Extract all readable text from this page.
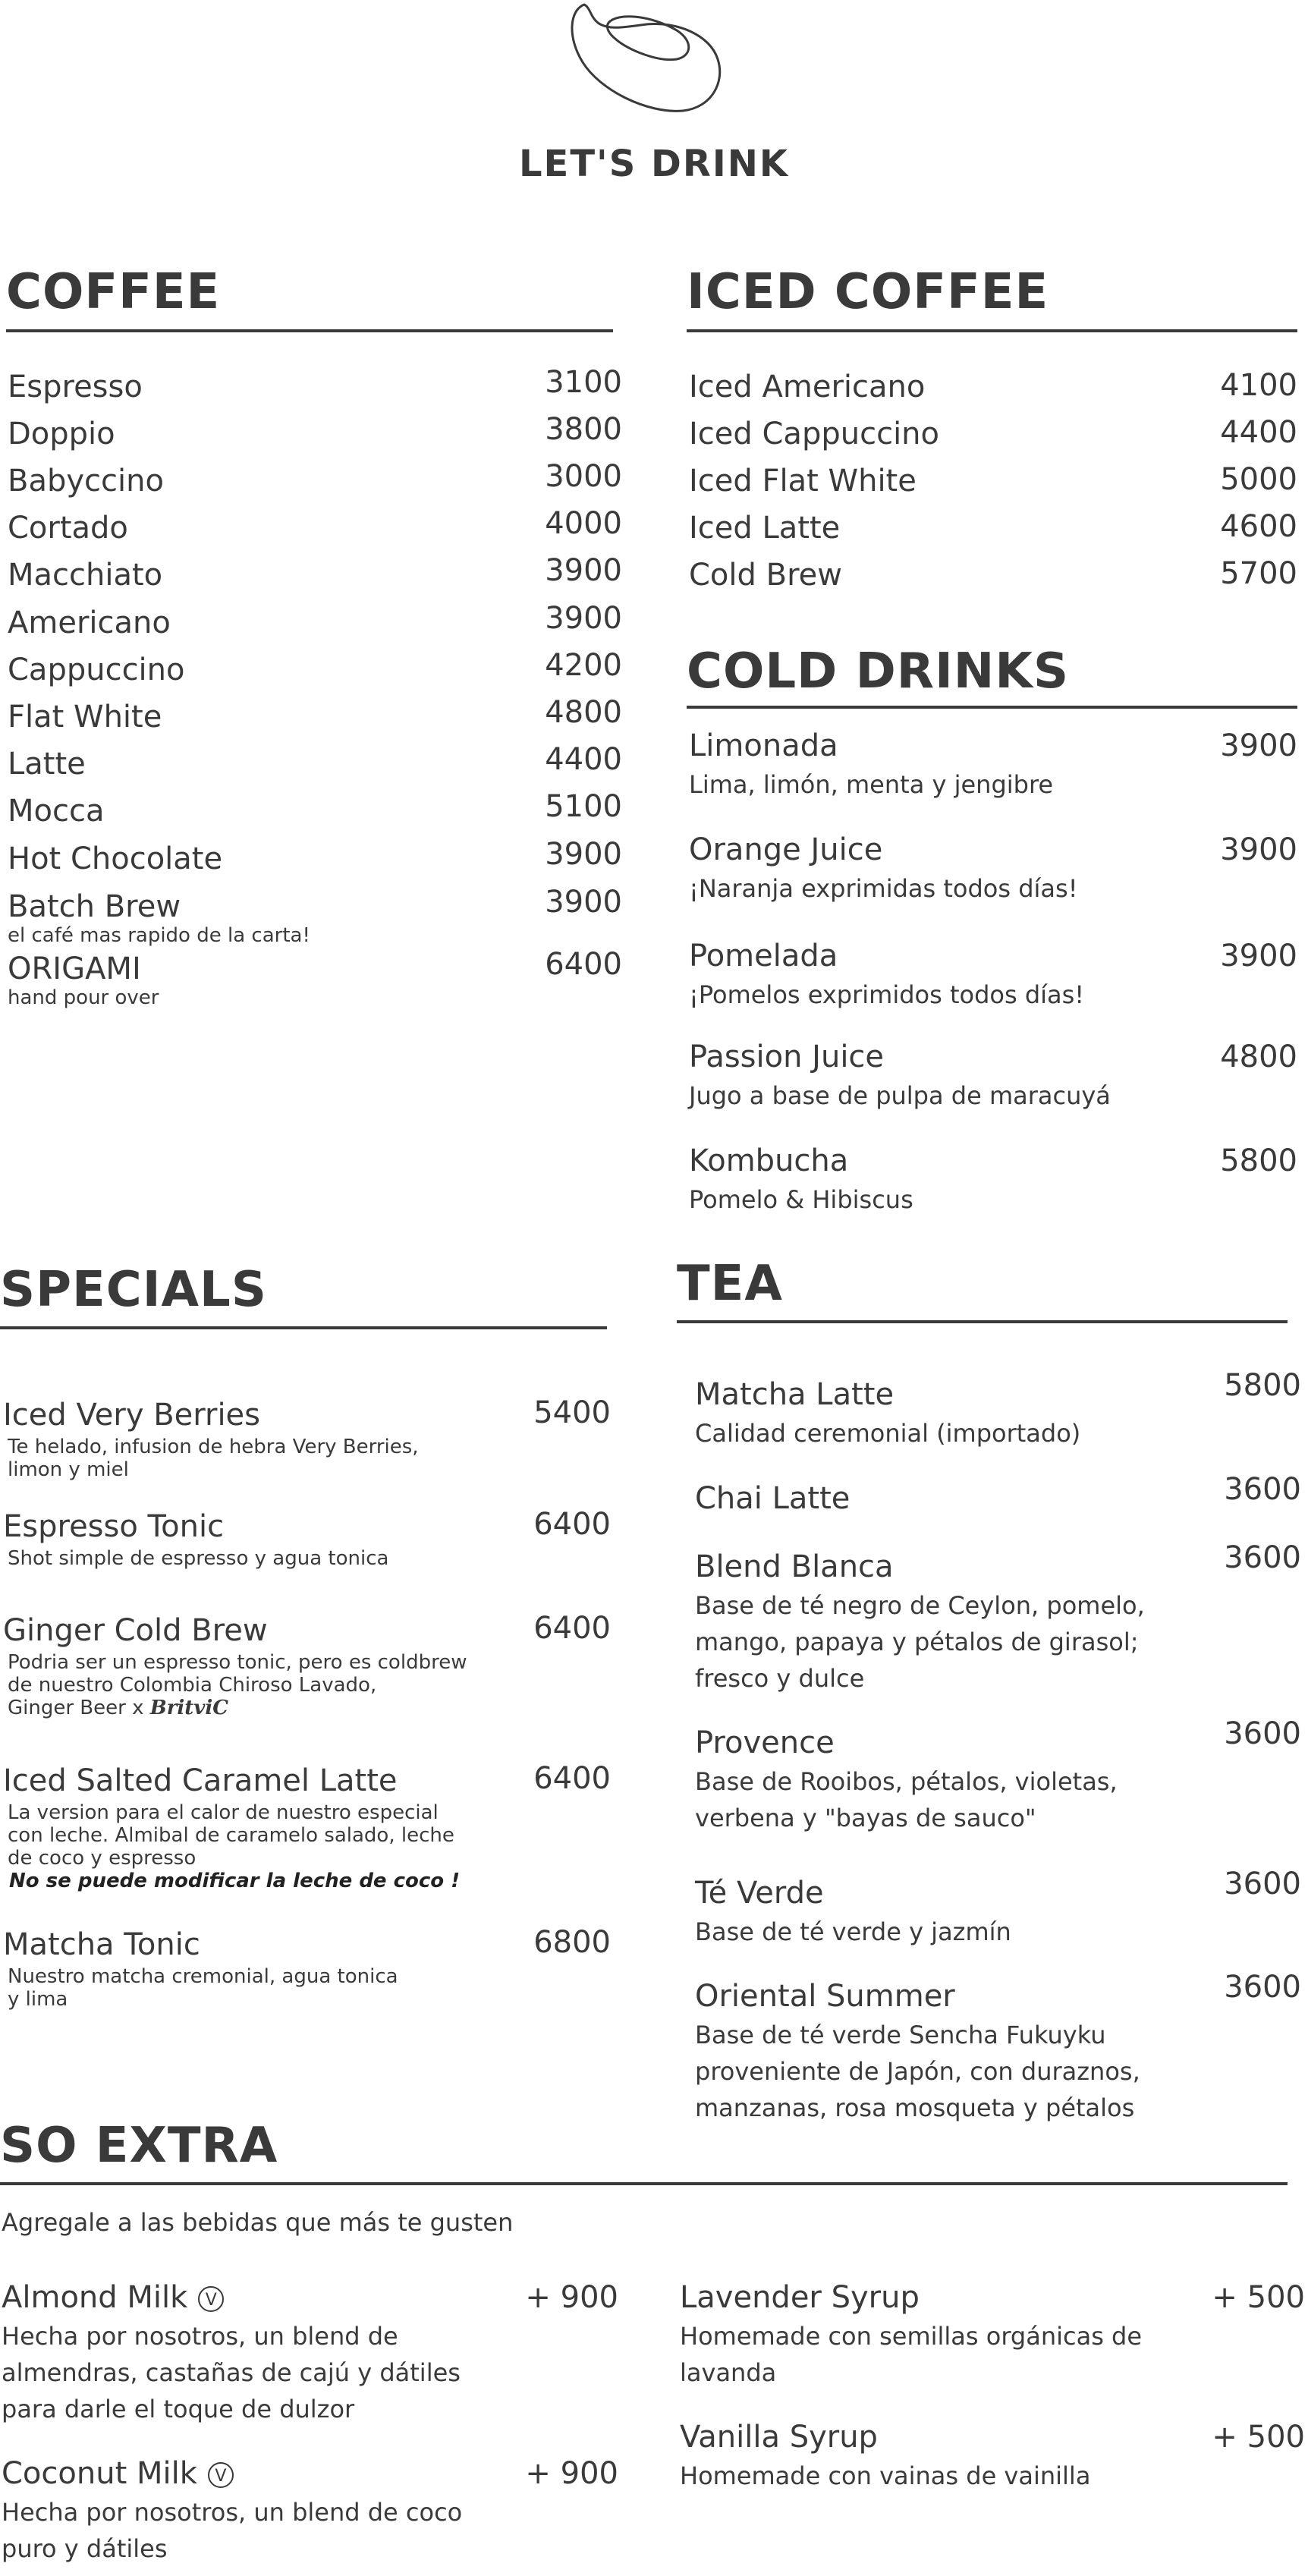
LET'S DRINK
COFFEE
Espresso	3100
Doppio	3800
Babyccino	3000
Cortado	4000
Macchiato	3900
Americano	3900
Cappuccino	4200
Flat White	4800
Latte	4400
Mocca	5100
Hot Chocolate	3900
Batch Brew	3900
el café mas rapido de la carta!
ORIGAMI	6400
hand pour over
ICED COFFEE
Iced Americano	4100
Iced Cappuccino	4400
Iced Flat White	5000
Iced Latte	4600
Cold Brew	5700
COLD DRINKS
Limonada	3900
Lima, limón, menta y jengibre
Orange Juice	3900
¡Naranja exprimidas todos días!
Pomelada	3900
¡Pomelos exprimidos todos días!
Passion Juice	4800
Jugo a base de pulpa de maracuyá
Kombucha	5800
Pomelo & Hibiscus
SPECIALS
Iced Very Berries	5400
Te helado, infusion de hebra Very Berries,
limon y miel
Espresso Tonic	6400
Shot simple de espresso y agua tonica
Ginger Cold Brew	6400
Podria ser un espresso tonic, pero es coldbrew
de nuestro Colombia Chiroso Lavado,
Ginger Beer x BritviC
Iced Salted Caramel Latte	6400
La version para el calor de nuestro especial
con leche. Almibal de caramelo salado, leche
de coco y espresso
No se puede modificar la leche de coco !
Matcha Tonic	6800
Nuestro matcha cremonial, agua tonica
y lima
TEA
Matcha Latte	5800
Calidad ceremonial (importado)
Chai Latte	3600
Blend Blanca	3600
Base de té negro de Ceylon, pomelo,
mango, papaya y pétalos de girasol;
fresco y dulce
Provence	3600
Base de Rooibos, pétalos, violetas,
verbena y "bayas de sauco"
Té Verde	3600
Base de té verde y jazmín
Oriental Summer	3600
Base de té verde Sencha Fukuyku
proveniente de Japón, con duraznos,
manzanas, rosa mosqueta y pétalos
SO EXTRA
Agregale a las bebidas que más te gusten
Almond Milk V	+ 900
Hecha por nosotros, un blend de
almendras, castañas de cajú y dátiles
para darle el toque de dulzor
Coconut Milk V	+ 900
Hecha por nosotros, un blend de coco
puro y dátiles
Lavender Syrup	+ 500
Homemade con semillas orgánicas de
lavanda
Vanilla Syrup	+ 500
Homemade con vainas de vainilla
